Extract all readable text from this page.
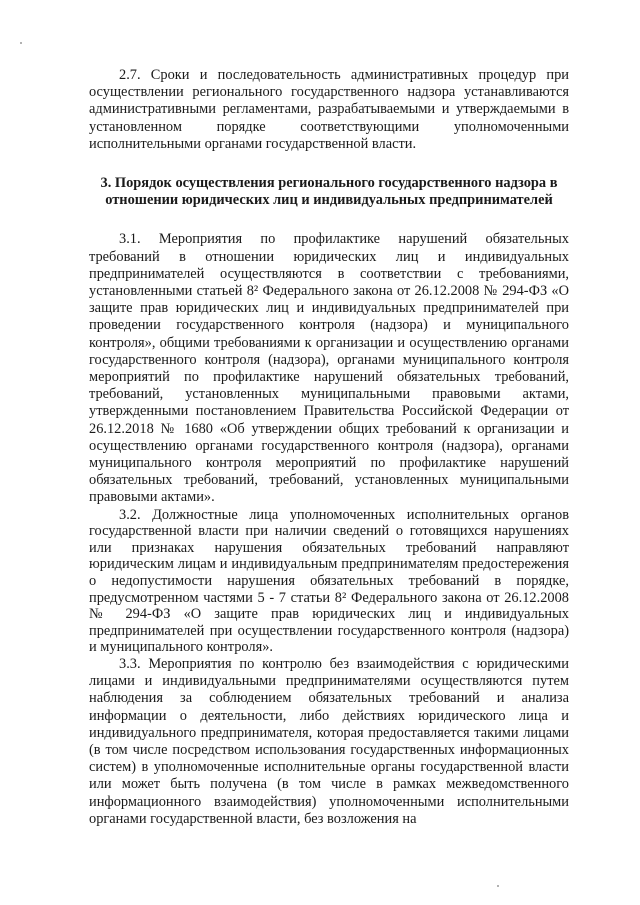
2.7. Сроки и последовательность административных процедур при осуществлении регионального государственного надзора устанавливаются административными регламентами, разрабатываемыми и утверждаемыми в установленном порядке соответствующими уполномоченными исполнительными органами государственной власти.

3. Порядок осуществления регионального государственного надзора в отношении юридических лиц и индивидуальных предпринимателей

3.1. Мероприятия по профилактике нарушений обязательных требований в отношении юридических лиц и индивидуальных предпринимателей осуществляются в соответствии с требованиями, установленными статьей 8² Федерального закона от 26.12.2008 № 294-ФЗ «О защите прав юридических лиц и индивидуальных предпринимателей при проведении государственного контроля (надзора) и муниципального контроля», общими требованиями к организации и осуществлению органами государственного контроля (надзора), органами муниципального контроля мероприятий по профилактике нарушений обязательных требований, требований, установленных муниципальными правовыми актами, утвержденными постановлением Правительства Российской Федерации от 26.12.2018 № 1680 «Об утверждении общих требований к организации и осуществлению органами государственного контроля (надзора), органами муниципального контроля мероприятий по профилактике нарушений обязательных требований, требований, установленных муниципальными правовыми актами».

3.2. Должностные лица уполномоченных исполнительных органов государственной власти при наличии сведений о готовящихся нарушениях или признаках нарушения обязательных требований направляют юридическим лицам и индивидуальным предпринимателям предостережения о недопустимости нарушения обязательных требований в порядке, предусмотренном частями 5 - 7 статьи 8² Федерального закона от 26.12.2008 № 294-ФЗ «О защите прав юридических лиц и индивидуальных предпринимателей при осуществлении государственного контроля (надзора) и муниципального контроля».

3.3. Мероприятия по контролю без взаимодействия с юридическими лицами и индивидуальными предпринимателями осуществляются путем наблюдения за соблюдением обязательных требований и анализа информации о деятельности, либо действиях юридического лица и индивидуального предпринимателя, которая предоставляется такими лицами (в том числе посредством использования государственных информационных систем) в уполномоченные исполнительные органы государственной власти или может быть получена (в том числе в рамках межведомственного информационного взаимодействия) уполномоченными исполнительными органами государственной власти, без возложения на
